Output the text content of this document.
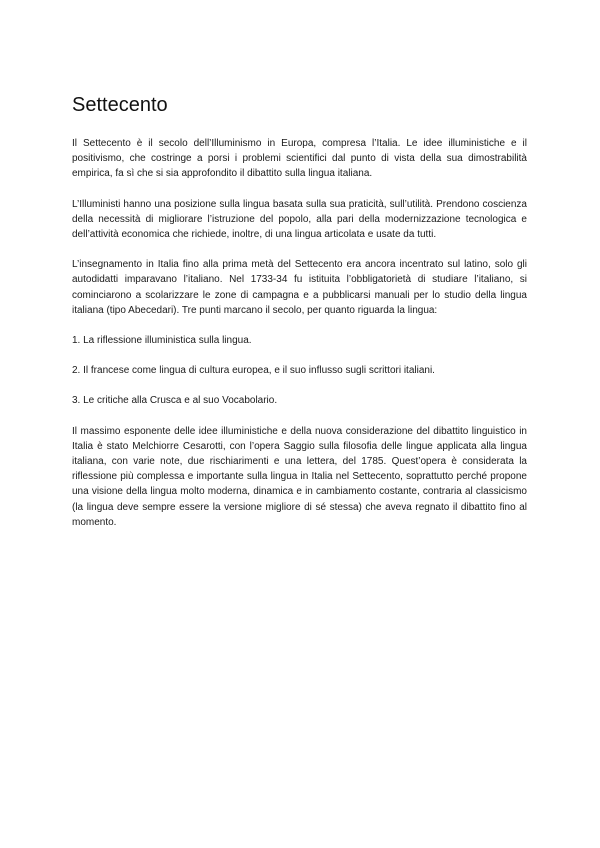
Settecento

Il Settecento è il secolo dell’Illuminismo in Europa, compresa l’Italia. Le idee illuministiche e il positivismo, che costringe a porsi i problemi scientifici dal punto di vista della sua dimostrabilità empirica, fa sì che si sia approfondito il dibattito sulla lingua italiana.

L’Illuministi hanno una posizione sulla lingua basata sulla sua praticità, sull’utilità. Prendono coscienza della necessità di migliorare l’istruzione del popolo, alla pari della modernizzazione tecnologica e dell’attività economica che richiede, inoltre, di una lingua articolata e usate da tutti.

L’insegnamento in Italia fino alla prima metà del Settecento era ancora incentrato sul latino, solo gli autodidatti imparavano l’italiano. Nel 1733-34 fu istituita l’obbligatorietà di studiare l’italiano, si cominciarono a scolarizzare le zone di campagna e a pubblicarsi manuali per lo studio della lingua italiana (tipo Abecedari). Tre punti marcano il secolo, per quanto riguarda la lingua:

1. La riflessione illuministica sulla lingua.

2. Il francese come lingua di cultura europea, e il suo influsso sugli scrittori italiani.

3. Le critiche alla Crusca e al suo Vocabolario.

Il massimo esponente delle idee illuministiche e della nuova considerazione del dibattito linguistico in Italia è stato Melchiorre Cesarotti, con l’opera Saggio sulla filosofia delle lingue applicata alla lingua italiana, con varie note, due rischiarimenti e una lettera, del 1785. Quest’opera è considerata la riflessione più complessa e importante sulla lingua in Italia nel Settecento, soprattutto perché propone una visione della lingua molto moderna, dinamica e in cambiamento costante, contraria al classicismo (la lingua deve sempre essere la versione migliore di sé stessa) che aveva regnato il dibattito fino al momento.
